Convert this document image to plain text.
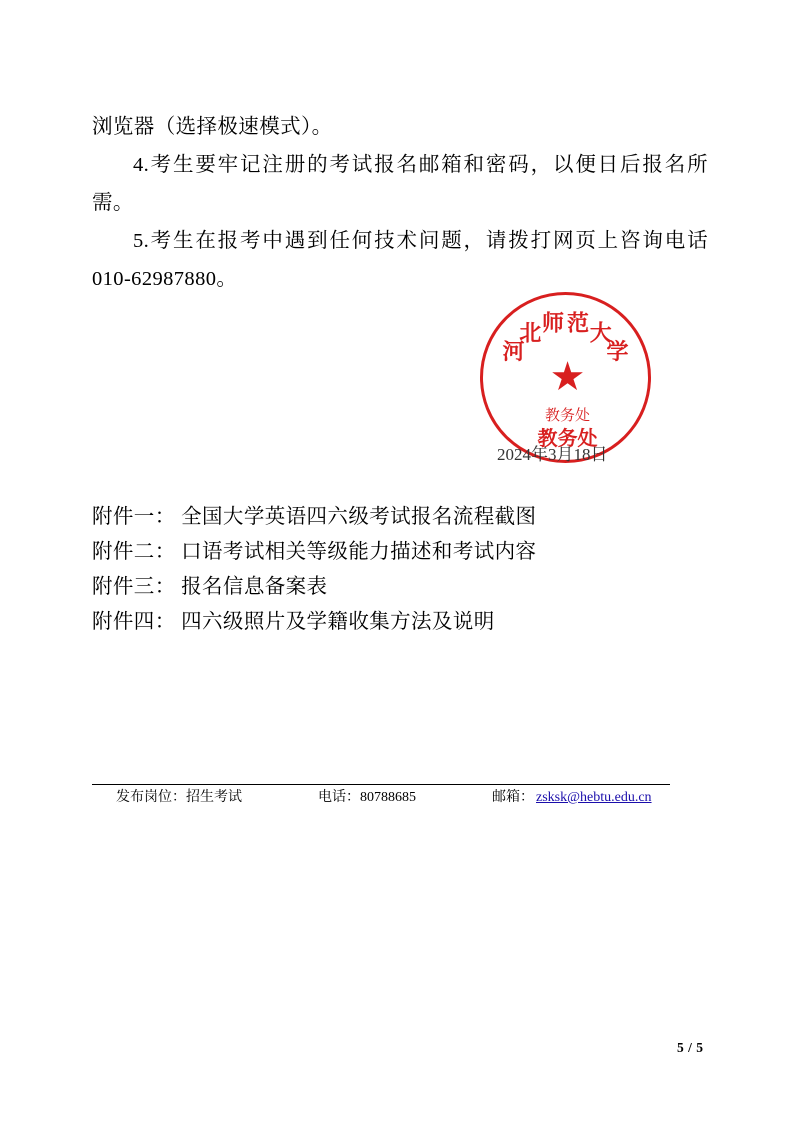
浏览器（选择极速模式）。

4.考生要牢记注册的考试报名邮箱和密码，以便日后报名所需。

5.考生在报考中遇到任何技术问题，请拨打网页上咨询电话010-62987880。

河
北 师 范 大
学
★
教务处
教务处
2024年3月18日
附件一： 全国大学英语四六级考试报名流程截图
附件二： 口语考试相关等级能力描述和考试内容
附件三： 报名信息备案表
附件四： 四六级照片及学籍收集方法及说明
发布岗位：招生考试	电话：80788685	邮箱： zsksk@hebtu.edu.cn
5 / 5
